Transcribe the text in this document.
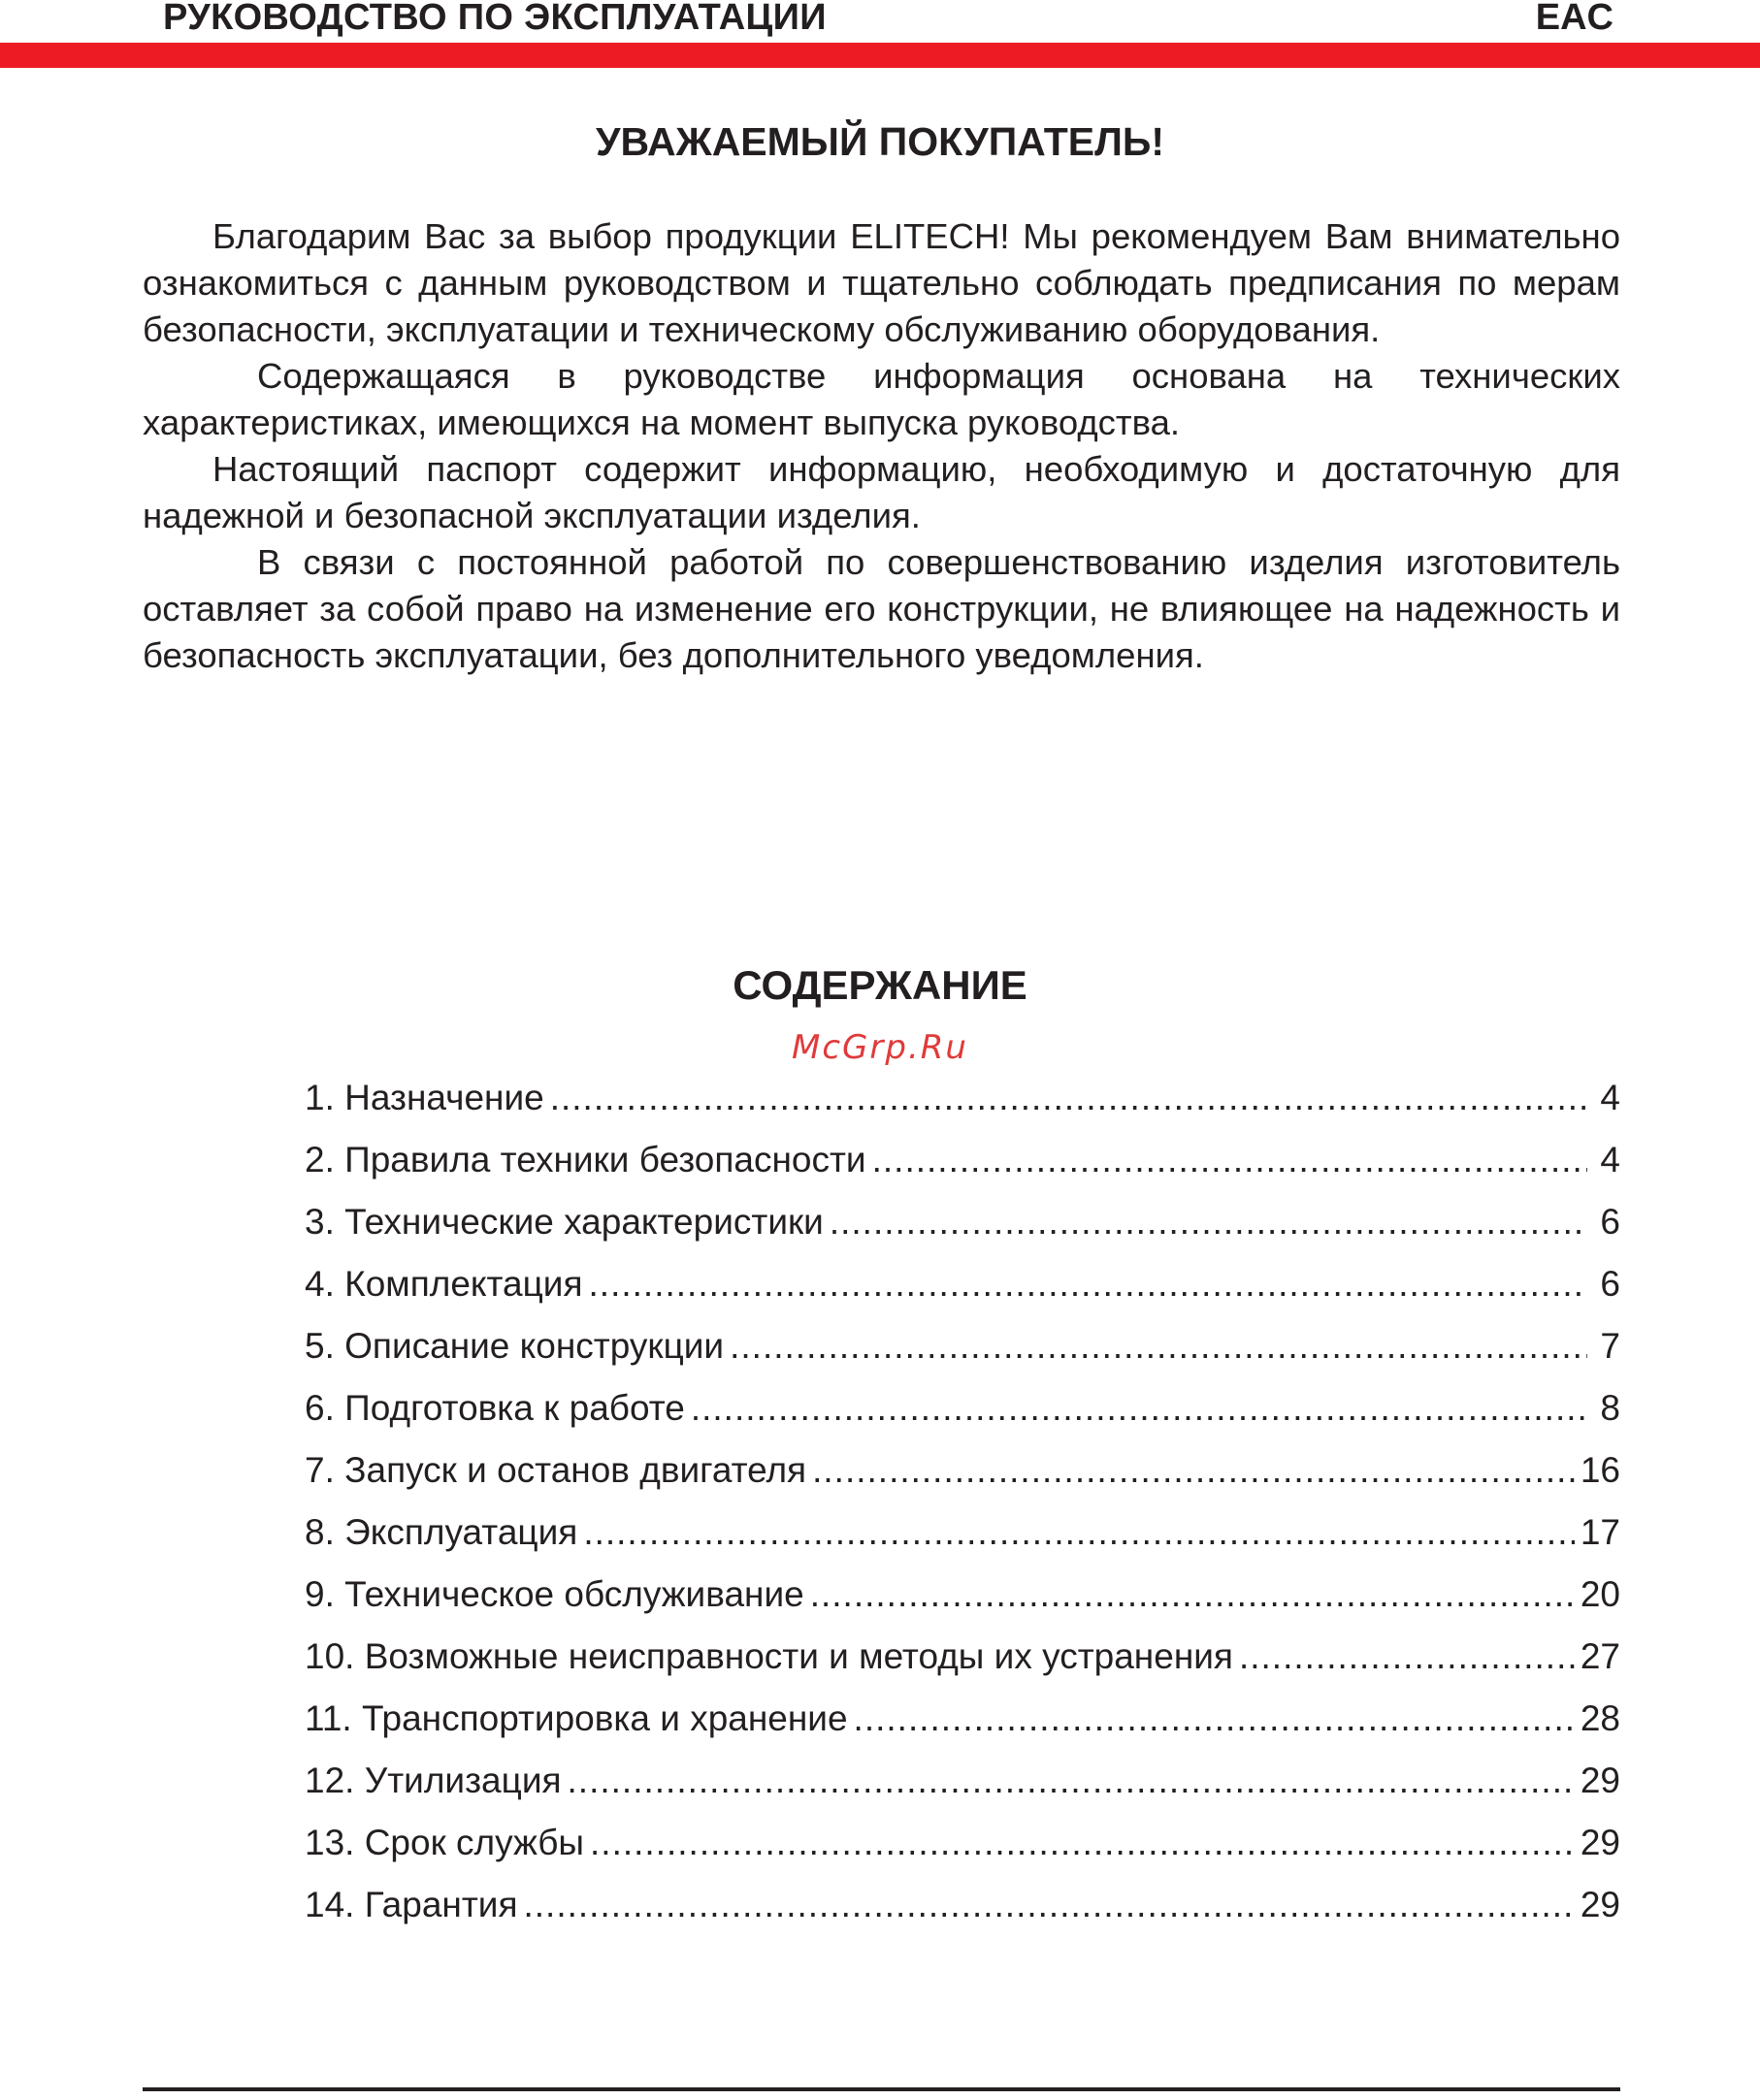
РУКОВОДСТВО ПО ЭКСПЛУАТАЦИИ	EAC
УВАЖАЕМЫЙ ПОКУПАТЕЛЬ!

Благодарим Вас за выбор продукции ELITECH! Мы рекомендуем Вам внимательно ознакомиться с данным руководством и тщательно соблюдать предписания по мерам безопасности, эксплуатации и техническому обслуживанию оборудования.

Содержащаяся в руководстве информация основана на технических характеристиках, имеющихся на момент выпуска руководства.

Настоящий паспорт содержит информацию, необходимую и достаточную для надежной и безопасной эксплуатации изделия.

В связи с постоянной работой по совершенствованию изделия изготовитель оставляет за собой право на изменение его конструкции, не влияющее на надежность и безопасность эксплуатации, без дополнительного уведомления.

СОДЕРЖАНИЕ
McGrp.Ru
1. Назначение .....	4
2. Правила техники безопасности .....	4
3. Технические характеристики .....	6
4. Комплектация .....	6
5. Описание конструкции .....	7
6. Подготовка к работе .....	8
7. Запуск и останов двигателя .....	16
8. Эксплуатация .....	17
9. Техническое обслуживание .....	20
10. Возможные неисправности и методы их устранения .....	27
11. Транспортировка и хранение .....	28
12. Утилизация .....	29
13. Срок службы .....	29
14. Гарантия .....	29
